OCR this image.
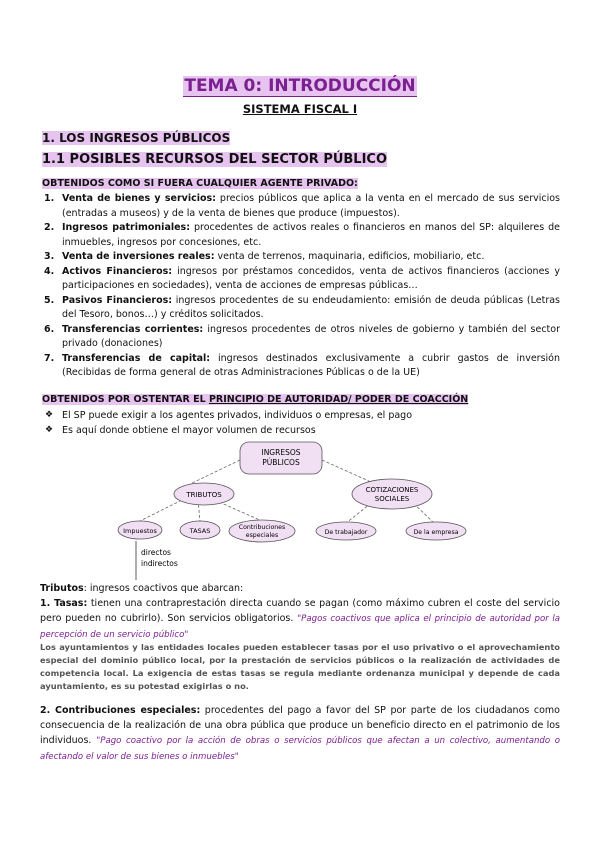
TEMA 0: INTRODUCCIÓN
SISTEMA FISCAL I
1. LOS INGRESOS PÚBLICOS
1.1 POSIBLES RECURSOS DEL SECTOR PÚBLICO
OBTENIDOS COMO SI FUERA CUALQUIER AGENTE PRIVADO:
1. Venta de bienes y servicios: precios públicos que aplica a la venta en el mercado de sus servicios (entradas a museos) y de la venta de bienes que produce (impuestos).
2. Ingresos patrimoniales: procedentes de activos reales o financieros en manos del SP: alquileres de inmuebles, ingresos por concesiones, etc.
3. Venta de inversiones reales: venta de terrenos, maquinaria, edificios, mobiliario, etc.
4. Activos Financieros: ingresos por préstamos concedidos, venta de activos financieros (acciones y participaciones en sociedades), venta de acciones de empresas públicas…
5. Pasivos Financieros: ingresos procedentes de su endeudamiento: emisión de deuda públicas (Letras del Tesoro, bonos…) y créditos solicitados.
6. Transferencias corrientes: ingresos procedentes de otros niveles de gobierno y también del sector privado (donaciones)
7. Transferencias de capital: ingresos destinados exclusivamente a cubrir gastos de inversión (Recibidas de forma general de otras Administraciones Públicas o de la UE)
OBTENIDOS POR OSTENTAR EL PRINCIPIO DE AUTORIDAD/ PODER DE COACCIÓN
❖ El SP puede exigir a los agentes privados, individuos o empresas, el pago
❖ Es aquí donde obtiene el mayor volumen de recursos
INGRESOS
PÚBLICOS
TRIBUTOS
COTIZACIONES
SOCIALES
Impuestos	TASAS	Contribuciones
especiales	De trabajador	De la empresa
directos
indirectos
Tributos: ingresos coactivos que abarcan:
1. Tasas: tienen una contraprestación directa cuando se pagan (como máximo cubren el coste del servicio pero pueden no cubrirlo). Son servicios obligatorios. "Pagos coactivos que aplica el principio de autoridad por la percepción de un servicio público"
Los ayuntamientos y las entidades locales pueden establecer tasas por el uso privativo o el aprovechamiento especial del dominio público local, por la prestación de servicios públicos o la realización de actividades de competencia local. La exigencia de estas tasas se regula mediante ordenanza municipal y depende de cada ayuntamiento, es su potestad exigirlas o no.
2. Contribuciones especiales: procedentes del pago a favor del SP por parte de los ciudadanos como consecuencia de la realización de una obra pública que produce un beneficio directo en el patrimonio de los individuos. "Pago coactivo por la acción de obras o servicios públicos que afectan a un colectivo, aumentando o afectando el valor de sus bienes o inmuebles"
